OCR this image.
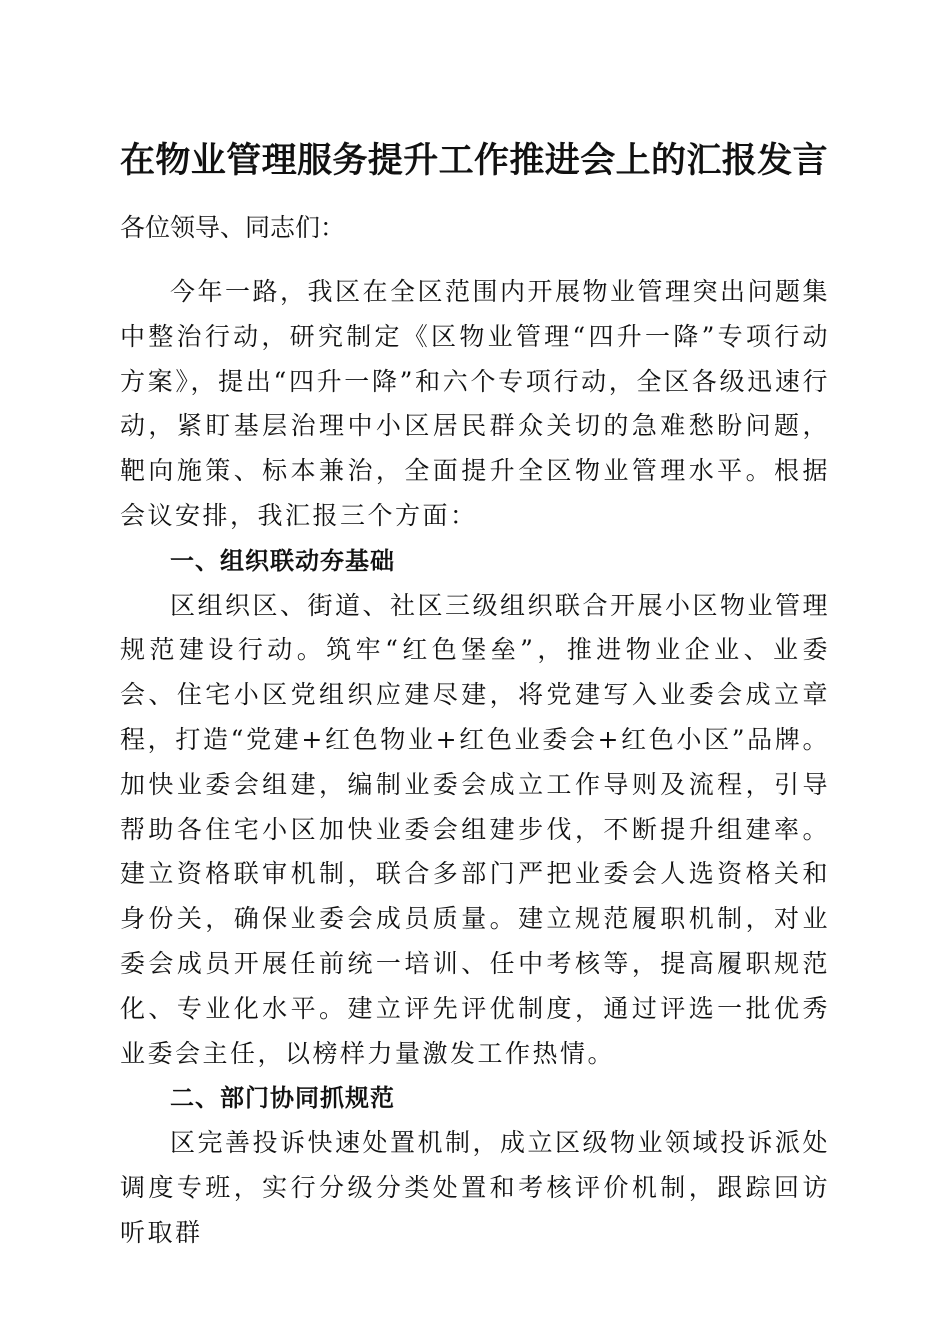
在物业管理服务提升工作推进会上的汇报发言

各位领导、同志们：

今年一路，我区在全区范围内开展物业管理突出问题集中整治行动，研究制定《区物业管理“四升一降”专项行动方案》，提出“四升一降”和六个专项行动，全区各级迅速行动，紧盯基层治理中小区居民群众关切的急难愁盼问题，靶向施策、标本兼治，全面提升全区物业管理水平。根据会议安排，我汇报三个方面：

一、组织联动夯基础

区组织区、街道、社区三级组织联合开展小区物业管理规范建设行动。筑牢“红色堡垒”，推进物业企业、业委会、住宅小区党组织应建尽建，将党建写入业委会成立章程，打造“党建+红色物业+红色业委会+红色小区”品牌。加快业委会组建，编制业委会成立工作导则及流程，引导帮助各住宅小区加快业委会组建步伐，不断提升组建率。建立资格联审机制，联合多部门严把业委会人选资格关和身份关，确保业委会成员质量。建立规范履职机制，对业委会成员开展任前统一培训、任中考核等，提高履职规范化、专业化水平。建立评先评优制度，通过评选一批优秀业委会主任，以榜样力量激发工作热情。

二、部门协同抓规范

区完善投诉快速处置机制，成立区级物业领域投诉派处调度专班，实行分级分类处置和考核评价机制，跟踪回访听取群
